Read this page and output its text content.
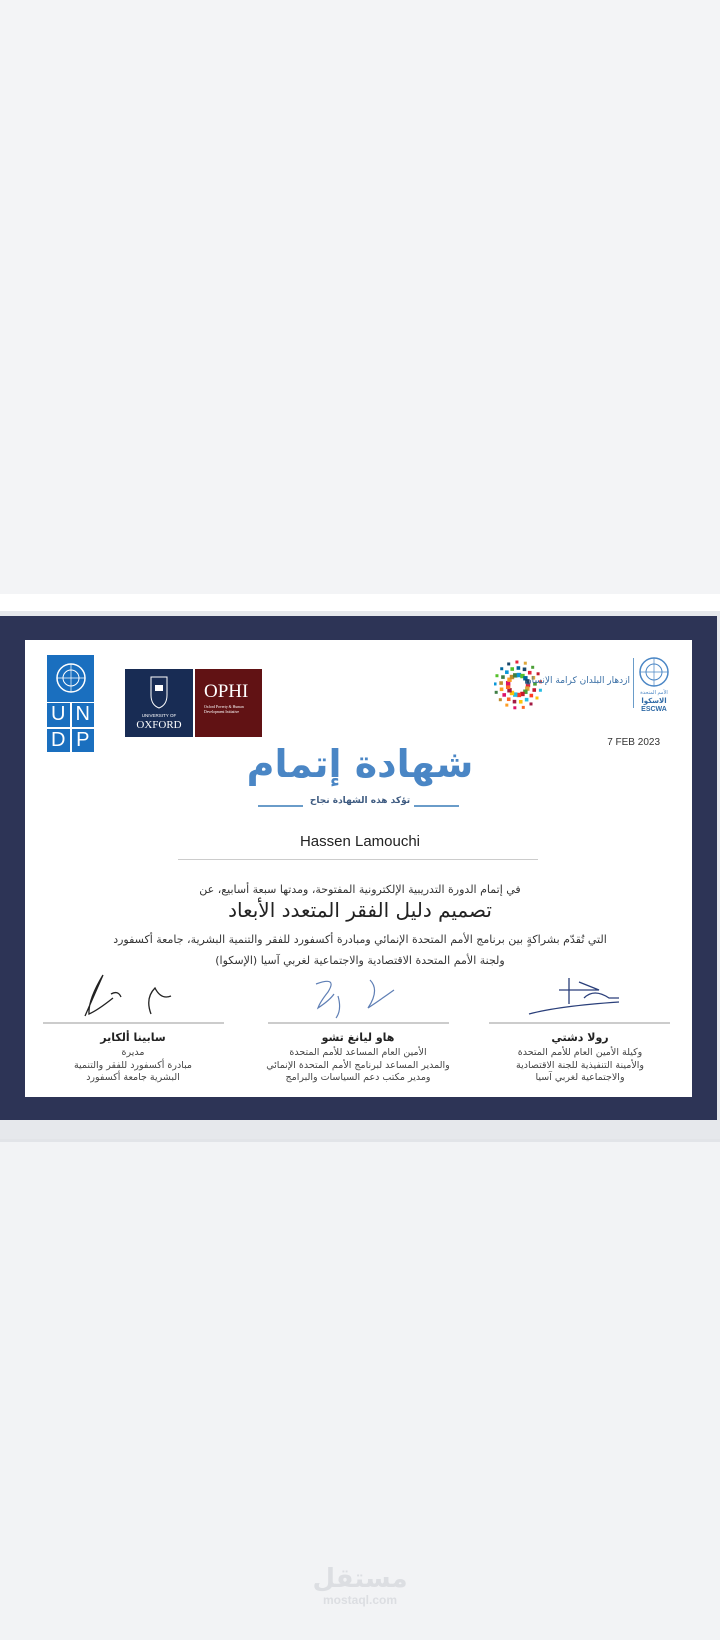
U N
D P
UNIVERSITY OF
OXFORD
OPHI
Oxford Poverty & Human Development Initiative
ازدهار البلدان كرامة الإنسان
الأمم المتحدة
الاسكوا
ESCWA
7 FEB 2023
شهادة إتمام
تؤكد هذه الشهادة نجاح
Hassen Lamouchi
في إتمام الدورة التدريبية الإلكترونية المفتوحة، ومدتها سبعة أسابيع، عن
تصميم دليل الفقر المتعدد الأبعاد
التي تُقدّم بشراكةٍ بين برنامج الأمم المتحدة الإنمائي ومبادرة أكسفورد للفقر والتنمية البشرية، جامعة أكسفورد
ولجنة الأمم المتحدة الاقتصادية والاجتماعية لغربي آسيا (الإسكوا)
سابينا ألكاير
مديرة
مبادرة أكسفورد للفقر والتنمية
البشرية جامعة أكسفورد
هاو ليانغ تشو
الأمين العام المساعد للأمم المتحدة
والمدير المساعد لبرنامج الأمم المتحدة الإنمائي
ومدير مكتب دعم السياسات والبرامج
رولا دشتي
وكيلة الأمين العام للأمم المتحدة
والأمينة التنفيذية للجنة الاقتصادية
والاجتماعية لغربي آسيا
مستقل
mostaql.com
